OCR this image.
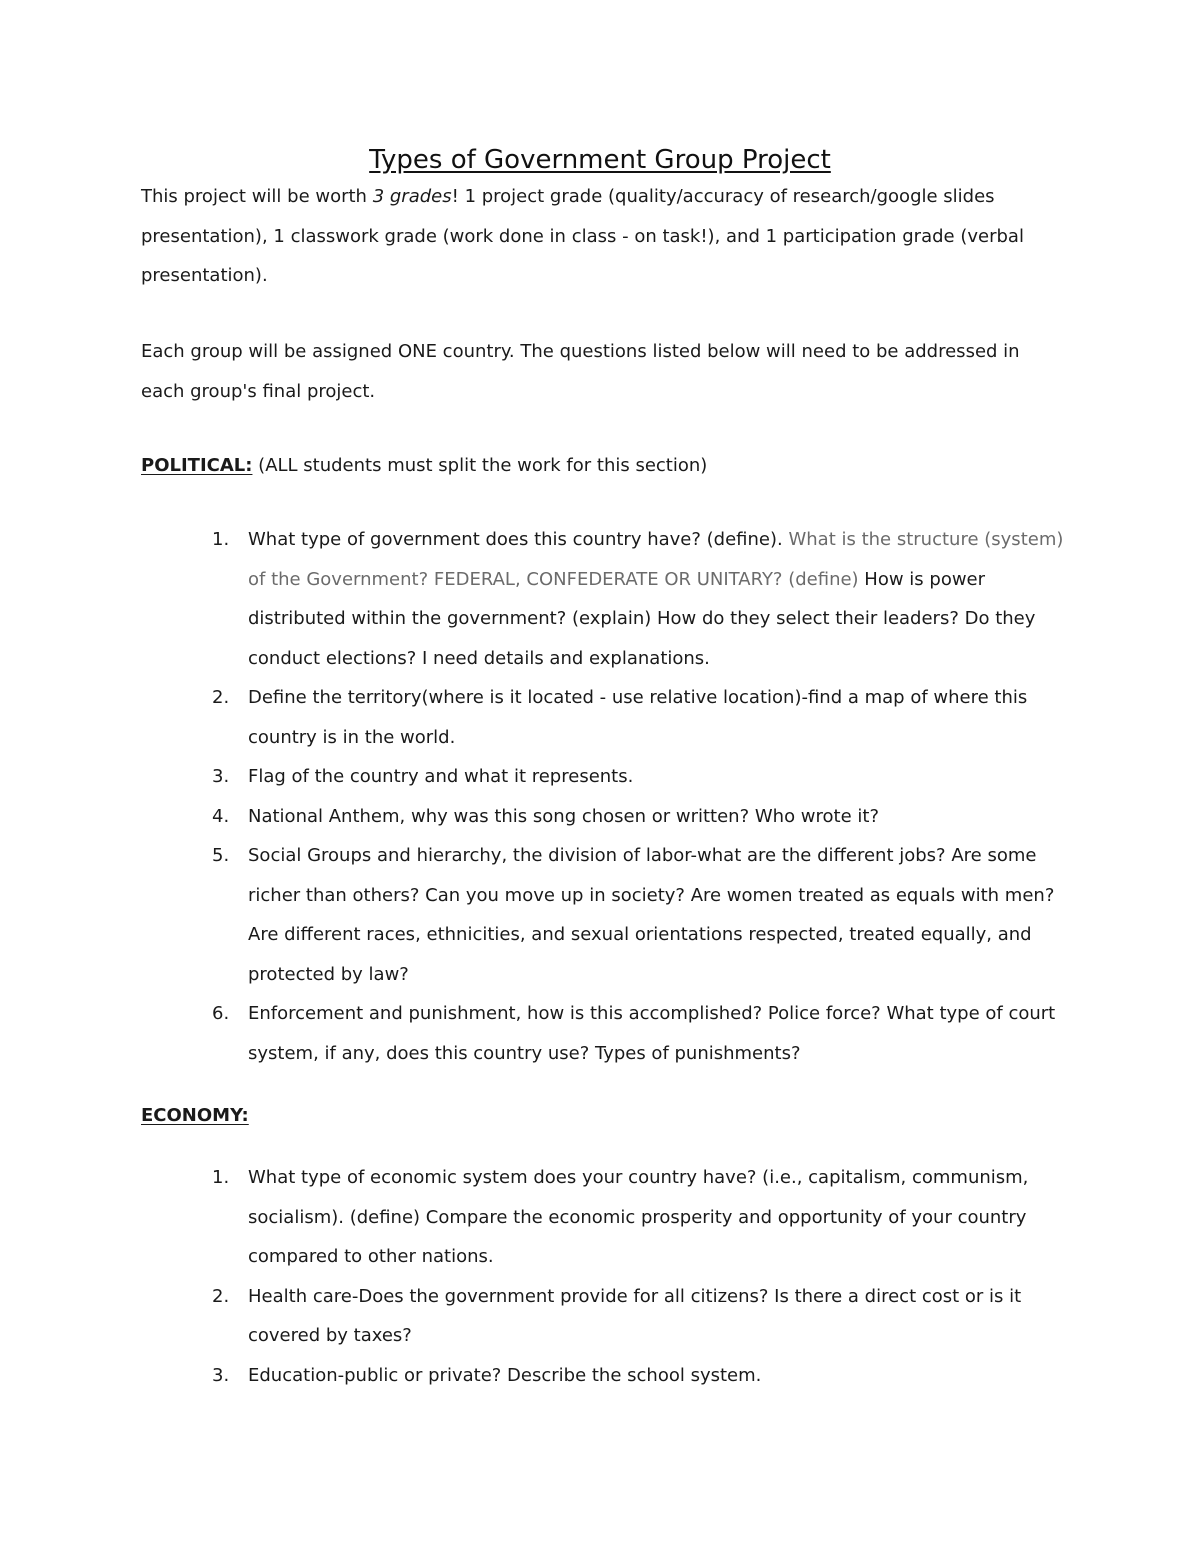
Types of Government Group Project

This project will be worth 3 grades! 1 project grade (quality/accuracy of research/google slides presentation), 1 classwork grade (work done in class - on task!), and 1 participation grade (verbal presentation).

Each group will be assigned ONE country. The questions listed below will need to be addressed in each group's final project.

POLITICAL: (ALL students must split the work for this section)

1. What type of government does this country have? (define). What is the structure (system) of the Government? FEDERAL, CONFEDERATE OR UNITARY? (define) How is power distributed within the government? (explain) How do they select their leaders? Do they conduct elections? I need details and explanations.
2. Define the territory(where is it located - use relative location)-find a map of where this country is in the world.
3. Flag of the country and what it represents.
4. National Anthem, why was this song chosen or written? Who wrote it?
5. Social Groups and hierarchy, the division of labor-what are the different jobs? Are some richer than others? Can you move up in society? Are women treated as equals with men? Are different races, ethnicities, and sexual orientations respected, treated equally, and protected by law?
6. Enforcement and punishment, how is this accomplished? Police force? What type of court system, if any, does this country use? Types of punishments?

ECONOMY:

1. What type of economic system does your country have? (i.e., capitalism, communism, socialism). (define) Compare the economic prosperity and opportunity of your country compared to other nations.
2. Health care-Does the government provide for all citizens? Is there a direct cost or is it covered by taxes?
3. Education-public or private? Describe the school system.
